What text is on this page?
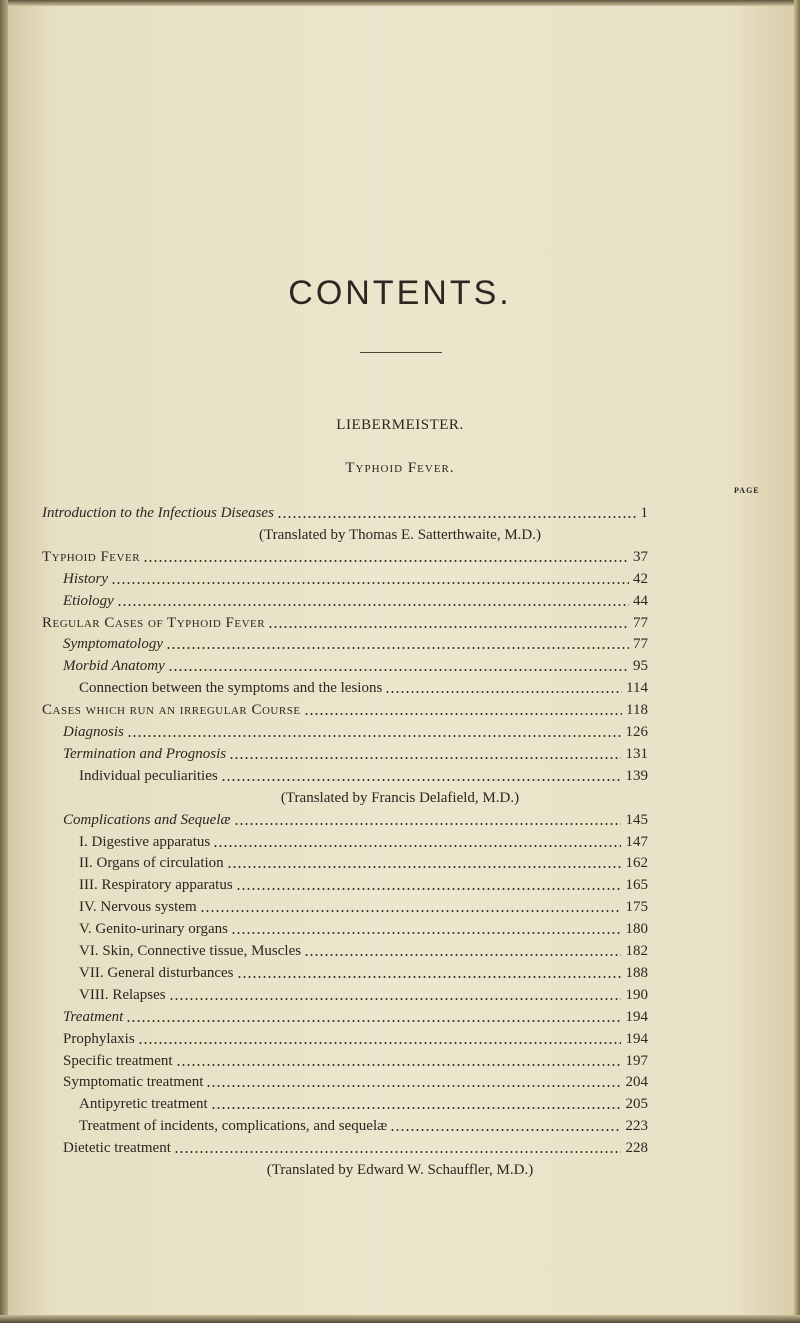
CONTENTS.
LIEBERMEISTER.
Typhoid Fever.
PAGE
Introduction to the Infectious Diseases	1
(Translated by Thomas E. Satterthwaite, M.D.)
Typhoid Fever	37
History	42
Etiology	44
Regular Cases of Typhoid Fever	77
Symptomatology	77
Morbid Anatomy	95
Connection between the symptoms and the lesions	114
Cases which run an irregular Course	118
Diagnosis	126
Termination and Prognosis	131
Individual peculiarities	139
(Translated by Francis Delafield, M.D.)
Complications and Sequelæ	145
I. Digestive apparatus	147
II. Organs of circulation	162
III. Respiratory apparatus	165
IV. Nervous system	175
V. Genito-urinary organs	180
VI. Skin, Connective tissue, Muscles	182
VII. General disturbances	188
VIII. Relapses	190
Treatment	194
Prophylaxis	194
Specific treatment	197
Symptomatic treatment	204
Antipyretic treatment	205
Treatment of incidents, complications, and sequelæ	223
Dietetic treatment	228
(Translated by Edward W. Schauffler, M.D.)
